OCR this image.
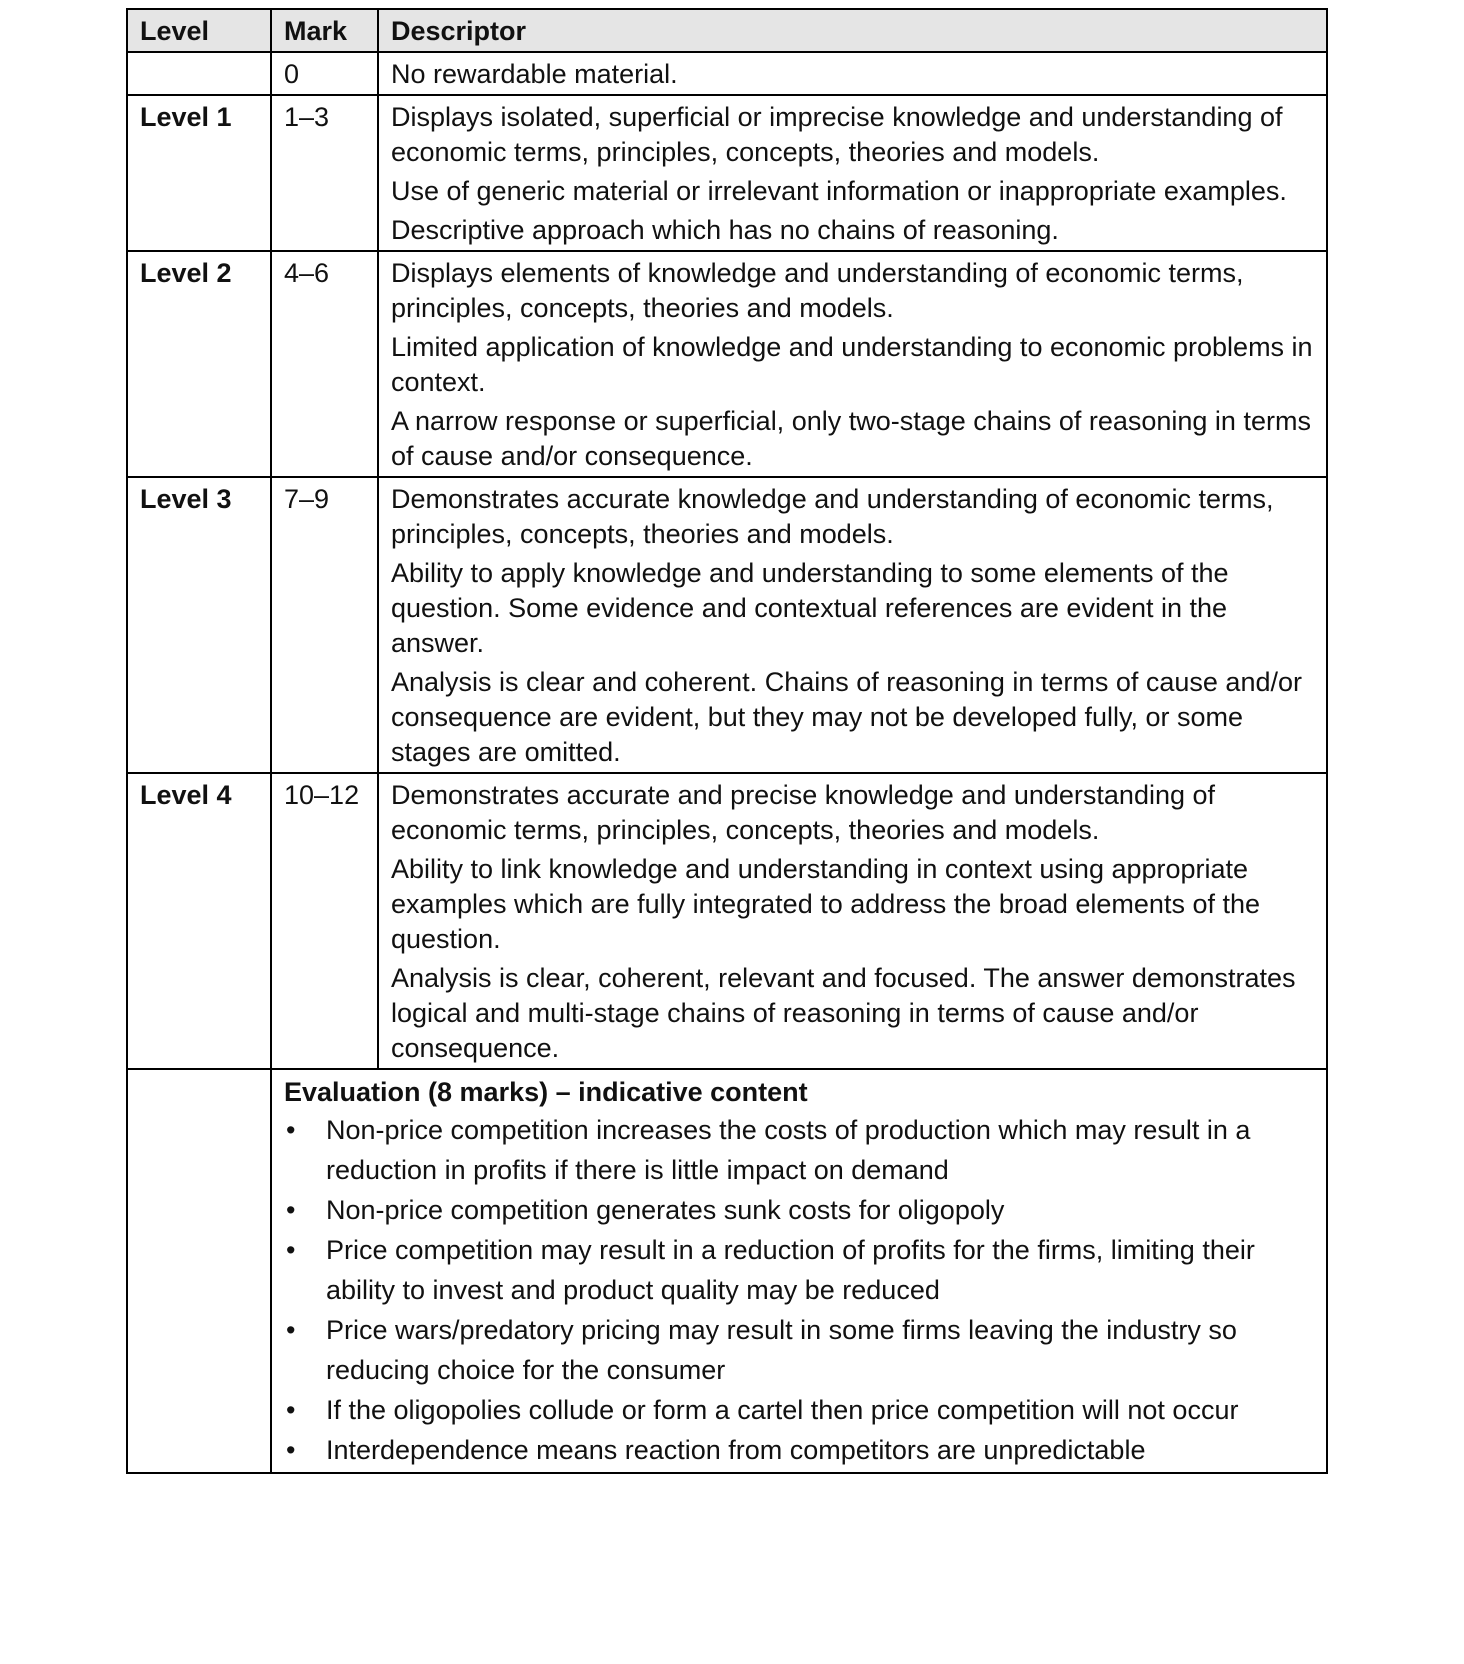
Level	Mark	Descriptor
	0	No rewardable material.

Level 1	1–3	Displays isolated, superficial or imprecise knowledge and understanding of economic terms, principles, concepts, theories and models.

Use of generic material or irrelevant information or inappropriate examples.

Descriptive approach which has no chains of reasoning.

Level 2	4–6	Displays elements of knowledge and understanding of economic terms, principles, concepts, theories and models.

Limited application of knowledge and understanding to economic problems in context.

A narrow response or superficial, only two-stage chains of reasoning in terms of cause and/or consequence.

Level 3	7–9	Demonstrates accurate knowledge and understanding of economic terms, principles, concepts, theories and models.

Ability to apply knowledge and understanding to some elements of the question. Some evidence and contextual references are evident in the answer.

Analysis is clear and coherent. Chains of reasoning in terms of cause and/or consequence are evident, but they may not be developed fully, or some stages are omitted.

Level 4	10–12	Demonstrates accurate and precise knowledge and understanding of economic terms, principles, concepts, theories and models.

Ability to link knowledge and understanding in context using appropriate examples which are fully integrated to address the broad elements of the question.

Analysis is clear, coherent, relevant and focused. The answer demonstrates logical and multi-stage chains of reasoning in terms of cause and/or consequence.

Evaluation (8 marks) – indicative content

• Non-price competition increases the costs of production which may result in a reduction in profits if there is little impact on demand
• Non-price competition generates sunk costs for oligopoly
• Price competition may result in a reduction of profits for the firms, limiting their ability to invest and product quality may be reduced
• Price wars/predatory pricing may result in some firms leaving the industry so reducing choice for the consumer
• If the oligopolies collude or form a cartel then price competition will not occur
• Interdependence means reaction from competitors are unpredictable
